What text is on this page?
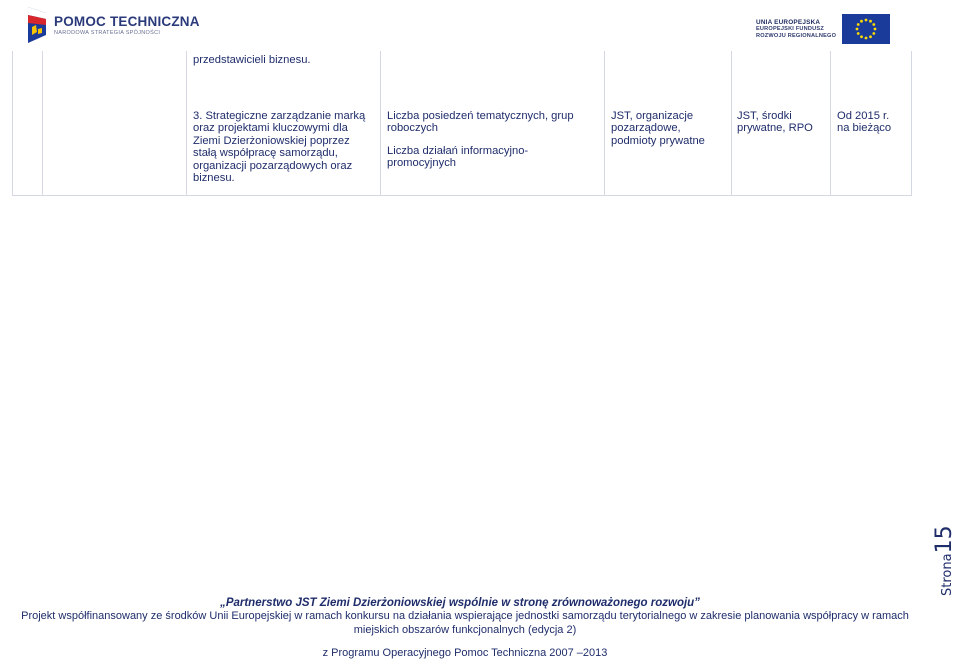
POMOC TECHNICZNA
NARODOWA STRATEGIA SPÓJNOŚCI
UNIA EUROPEJSKA
EUROPEJSKI FUNDUSZ
ROZWOJU REGIONALNEGO

przedstawicieli biznesu.

3. Strategiczne zarządzanie marką

oraz projektami kluczowymi dla

Ziemi Dzierżoniowskiej poprzez

stałą współpracę samorządu,

organizacji pozarządowych oraz

biznesu.

Liczba posiedzeń tematycznych, grup

roboczych

Liczba działań informacyjno-

promocyjnych

JST, organizacje

pozarządowe,

podmioty prywatne

JST, środki

prywatne, RPO

Od 2015 r.

na bieżąco

Strona15
„Partnerstwo JST Ziemi Dzierżoniowskiej wspólnie w stronę zrównoważonego rozwoju”
Projekt współfinansowany ze środków Unii Europejskiej w ramach konkursu na działania wspierające jednostki samorządu terytorialnego w zakresie planowania współpracy w ramach
miejskich obszarów funkcjonalnych (edycja 2)
z Programu Operacyjnego Pomoc Techniczna 2007 –2013
